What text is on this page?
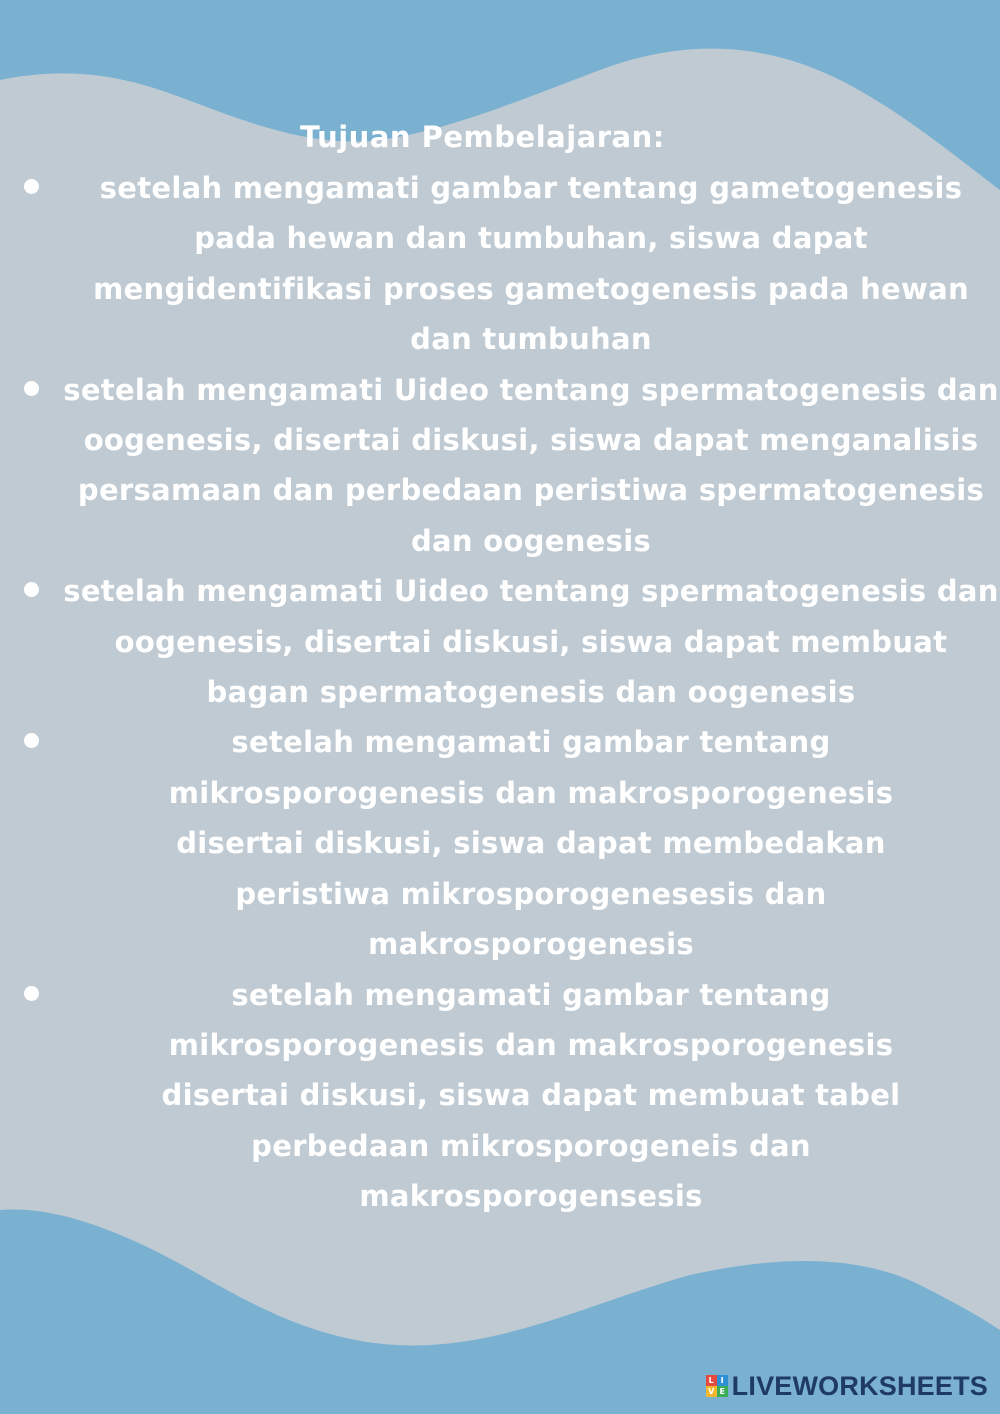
Tujuan Pembelajaran:
setelah mengamati gambar tentang gametogenesis pada hewan dan tumbuhan, siswa dapat mengidentifikasi proses gametogenesis pada hewan dan tumbuhan
setelah mengamati Uideo tentang spermatogenesis dan oogenesis, disertai diskusi, siswa dapat menganalisis persamaan dan perbedaan peristiwa spermatogenesis dan oogenesis
setelah mengamati Uideo tentang spermatogenesis dan oogenesis, disertai diskusi, siswa dapat membuat bagan spermatogenesis dan oogenesis
setelah mengamati gambar tentang mikrosporogenesis dan makrosporogenesis disertai diskusi, siswa dapat membedakan peristiwa mikrosporogenesesis dan makrosporogenesis
setelah mengamati gambar tentang mikrosporogenesis dan makrosporogenesis disertai diskusi, siswa dapat membuat tabel perbedaan mikrosporogeneis dan makrosporogensesis
L I
V E LIVEWORKSHEETS
